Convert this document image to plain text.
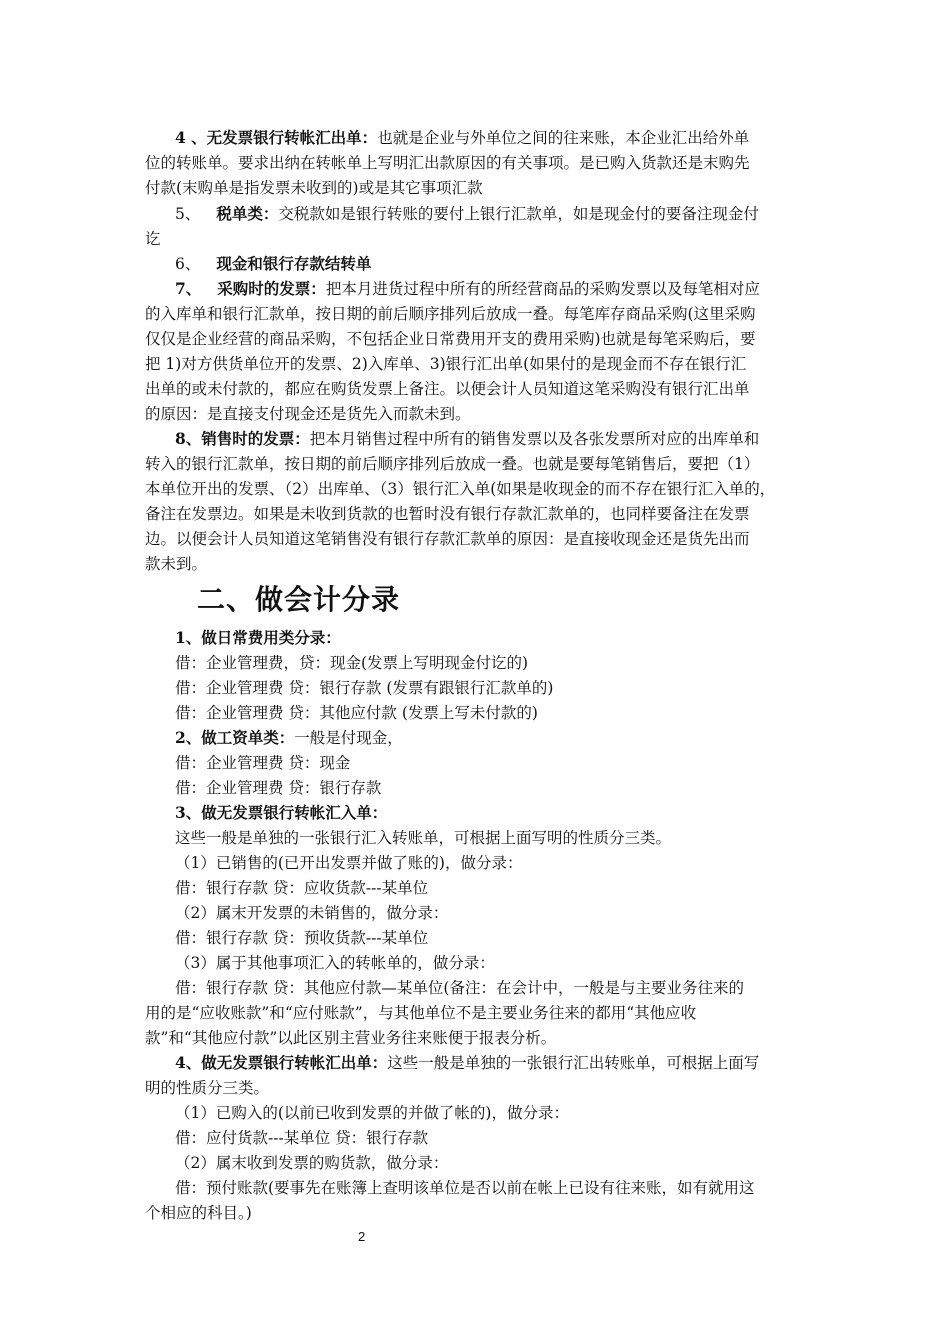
4 、无发票银行转帐汇出单：也就是企业与外单位之间的往来账，本企业汇出给外单
位的转账单。要求出纳在转帐单上写明汇出款原因的有关事项。是已购入货款还是末购先
付款(末购单是指发票未收到的)或是其它事项汇款
5、 税单类：交税款如是银行转账的要付上银行汇款单，如是现金付的要备注现金付
讫
6、 现金和银行存款结转单
7、 采购时的发票：把本月进货过程中所有的所经营商品的采购发票以及每笔相对应
的入库单和银行汇款单，按日期的前后顺序排列后放成一叠。每笔库存商品采购(这里采购
仅仅是企业经营的商品采购，不包括企业日常费用开支的费用采购)也就是每笔采购后，要
把 1)对方供货单位开的发票、2)入库单、3)银行汇出单(如果付的是现金而不存在银行汇
出单的或未付款的，都应在购货发票上备注。以便会计人员知道这笔采购没有银行汇出单
的原因：是直接支付现金还是货先入而款未到。
8、销售时的发票：把本月销售过程中所有的销售发票以及各张发票所对应的出库单和
转入的银行汇款单，按日期的前后顺序排列后放成一叠。也就是要每笔销售后，要把（1）
本单位开出的发票、（2）出库单、（3）银行汇入单(如果是收现金的而不存在银行汇入单的，
备注在发票边。如果是未收到货款的也暂时没有银行存款汇款单的，也同样要备注在发票
边。以便会计人员知道这笔销售没有银行存款汇款单的原因：是直接收现金还是货先出而
款未到。
二、做会计分录
1、做日常费用类分录：
借：企业管理费，贷：现金(发票上写明现金付讫的)
借：企业管理费 贷：银行存款 (发票有跟银行汇款单的)
借：企业管理费 贷：其他应付款 (发票上写未付款的)
2、做工资单类：一般是付现金，
借：企业管理费 贷：现金
借：企业管理费 贷：银行存款
3、做无发票银行转帐汇入单：
这些一般是单独的一张银行汇入转账单，可根据上面写明的性质分三类。
（1）已销售的(已开出发票并做了账的)，做分录：
借：银行存款 贷：应收货款---某单位
（2）属末开发票的未销售的，做分录：
借：银行存款 贷：预收货款---某单位
（3）属于其他事项汇入的转帐单的，做分录：
借：银行存款 贷：其他应付款—某单位(备注：在会计中，一般是与主要业务往来的
用的是“应收账款”和“应付账款”，与其他单位不是主要业务往来的都用“其他应收
款”和“其他应付款”以此区别主营业务往来账便于报表分析。
4、做无发票银行转帐汇出单：这些一般是单独的一张银行汇出转账单，可根据上面写
明的性质分三类。
（1）已购入的(以前已收到发票的并做了帐的)，做分录：
借：应付货款---某单位 贷：银行存款
（2）属末收到发票的购货款，做分录：
借：预付账款(要事先在账簿上查明该单位是否以前在帐上已设有往来账，如有就用这
个相应的科目。)
2
